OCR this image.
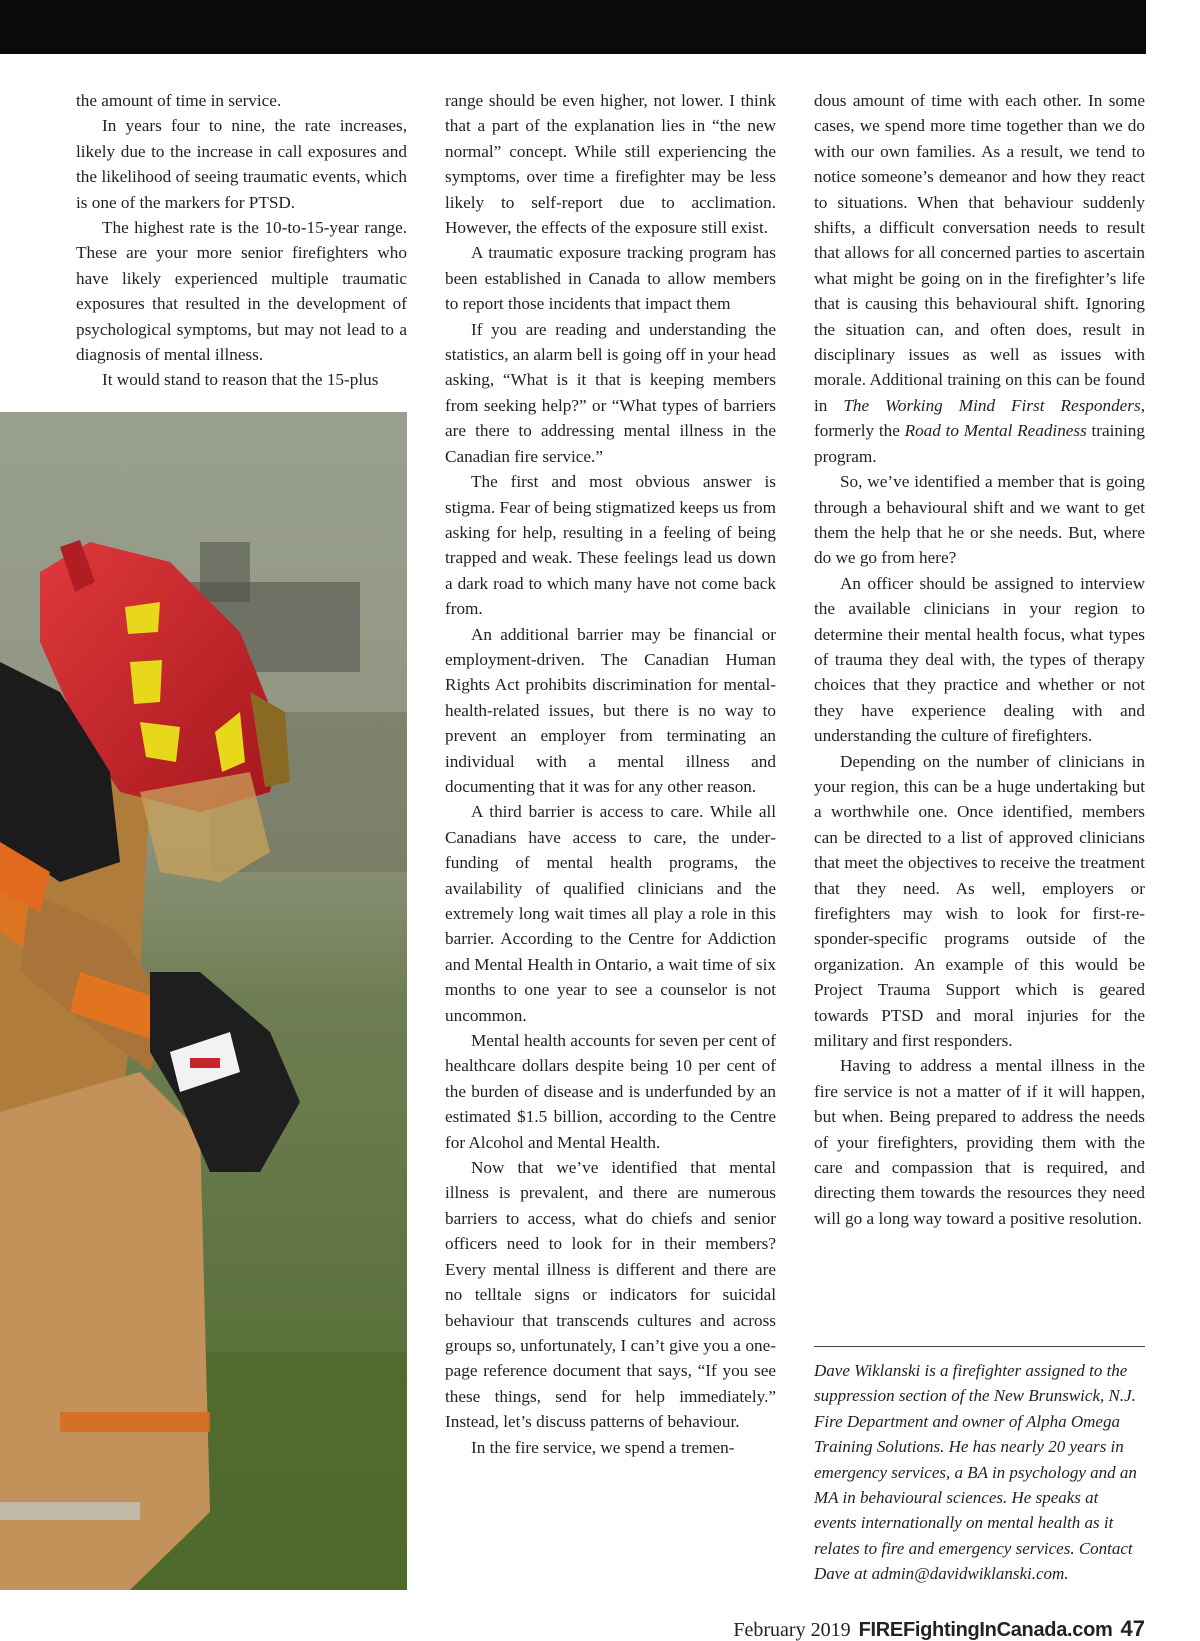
the amount of time in service.

In years four to nine, the rate increases, likely due to the increase in call exposures and the likelihood of seeing traumatic events, which is one of the markers for PTSD.

The highest rate is the 10-to-15-year range. These are your more senior firefighters who have likely experienced multiple traumatic exposures that resulted in the development of psychological symptoms, but may not lead to a diagnosis of mental illness.

It would stand to reason that the 15-plus

range should be even higher, not lower. I think that a part of the explanation lies in “the new normal” concept. While still experiencing the symptoms, over time a firefighter may be less likely to self-report due to acclimation. However, the effects of the exposure still exist.

A traumatic exposure tracking program has been established in Canada to allow members to report those incidents that impact them

If you are reading and understanding the statistics, an alarm bell is going off in your head asking, “What is it that is keeping members from seeking help?” or “What types of barriers are there to addressing mental illness in the Canadian fire service.”

The first and most obvious answer is stigma. Fear of being stigmatized keeps us from asking for help, resulting in a feeling of being trapped and weak. These feelings lead us down a dark road to which many have not come back from.

An additional barrier may be financial or employment-driven. The Canadian Human Rights Act prohibits discrimination for mental-health-related issues, but there is no way to prevent an employer from terminating an individual with a mental illness and documenting that it was for any other reason.

A third barrier is access to care. While all Canadians have access to care, the underfunding of mental health programs, the availability of qualified clinicians and the extremely long wait times all play a role in this barrier. According to the Centre for Addiction and Mental Health in Ontario, a wait time of six months to one year to see a counselor is not uncommon.

Mental health accounts for seven per cent of healthcare dollars despite being 10 per cent of the burden of disease and is underfunded by an estimated $1.5 billion, according to the Centre for Alcohol and Mental Health.

Now that we’ve identified that mental illness is prevalent, and there are numerous barriers to access, what do chiefs and senior officers need to look for in their members? Every mental illness is different and there are no telltale signs or indicators for suicidal behaviour that transcends cultures and across groups so, unfortunately, I can’t give you a one-page reference document that says, “If you see these things, send for help immediately.” Instead, let’s discuss patterns of behaviour.

In the fire service, we spend a tremen-

dous amount of time with each other. In some cases, we spend more time together than we do with our own families. As a result, we tend to notice someone’s demeanor and how they react to situations. When that behaviour suddenly shifts, a difficult conversation needs to result that allows for all concerned parties to ascertain what might be going on in the firefighter’s life that is causing this behavioural shift. Ignoring the situation can, and often does, result in disciplinary issues as well as issues with morale. Additional training on this can be found in The Working Mind First Responders, formerly the Road to Mental Readiness training program.

So, we’ve identified a member that is going through a behavioural shift and we want to get them the help that he or she needs. But, where do we go from here?

An officer should be assigned to interview the available clinicians in your region to determine their mental health focus, what types of trauma they deal with, the types of therapy choices that they practice and whether or not they have experience dealing with and understanding the culture of firefighters.

Depending on the number of clinicians in your region, this can be a huge undertaking but a worthwhile one. Once identified, members can be directed to a list of approved clinicians that meet the objectives to receive the treatment that they need. As well, employers or firefighters may wish to look for first-responder-specific programs outside of the organization. An example of this would be Project Trauma Support which is geared towards PTSD and moral injuries for the military and first responders.

Having to address a mental illness in the fire service is not a matter of if it will happen, but when. Being prepared to address the needs of your firefighters, providing them with the care and compassion that is required, and directing them towards the resources they need will go a long way toward a positive resolution.

Dave Wiklanski is a firefighter assigned to the suppression section of the New Brunswick, N.J. Fire Department and owner of Alpha Omega Training Solutions. He has nearly 20 years in emergency services, a BA in psychology and an MA in behavioural sciences. He speaks at events internationally on mental health as it relates to fire and emergency services. Contact Dave at admin@davidwiklanski.com.
February 2019 FIREFightingInCanada.com 47
